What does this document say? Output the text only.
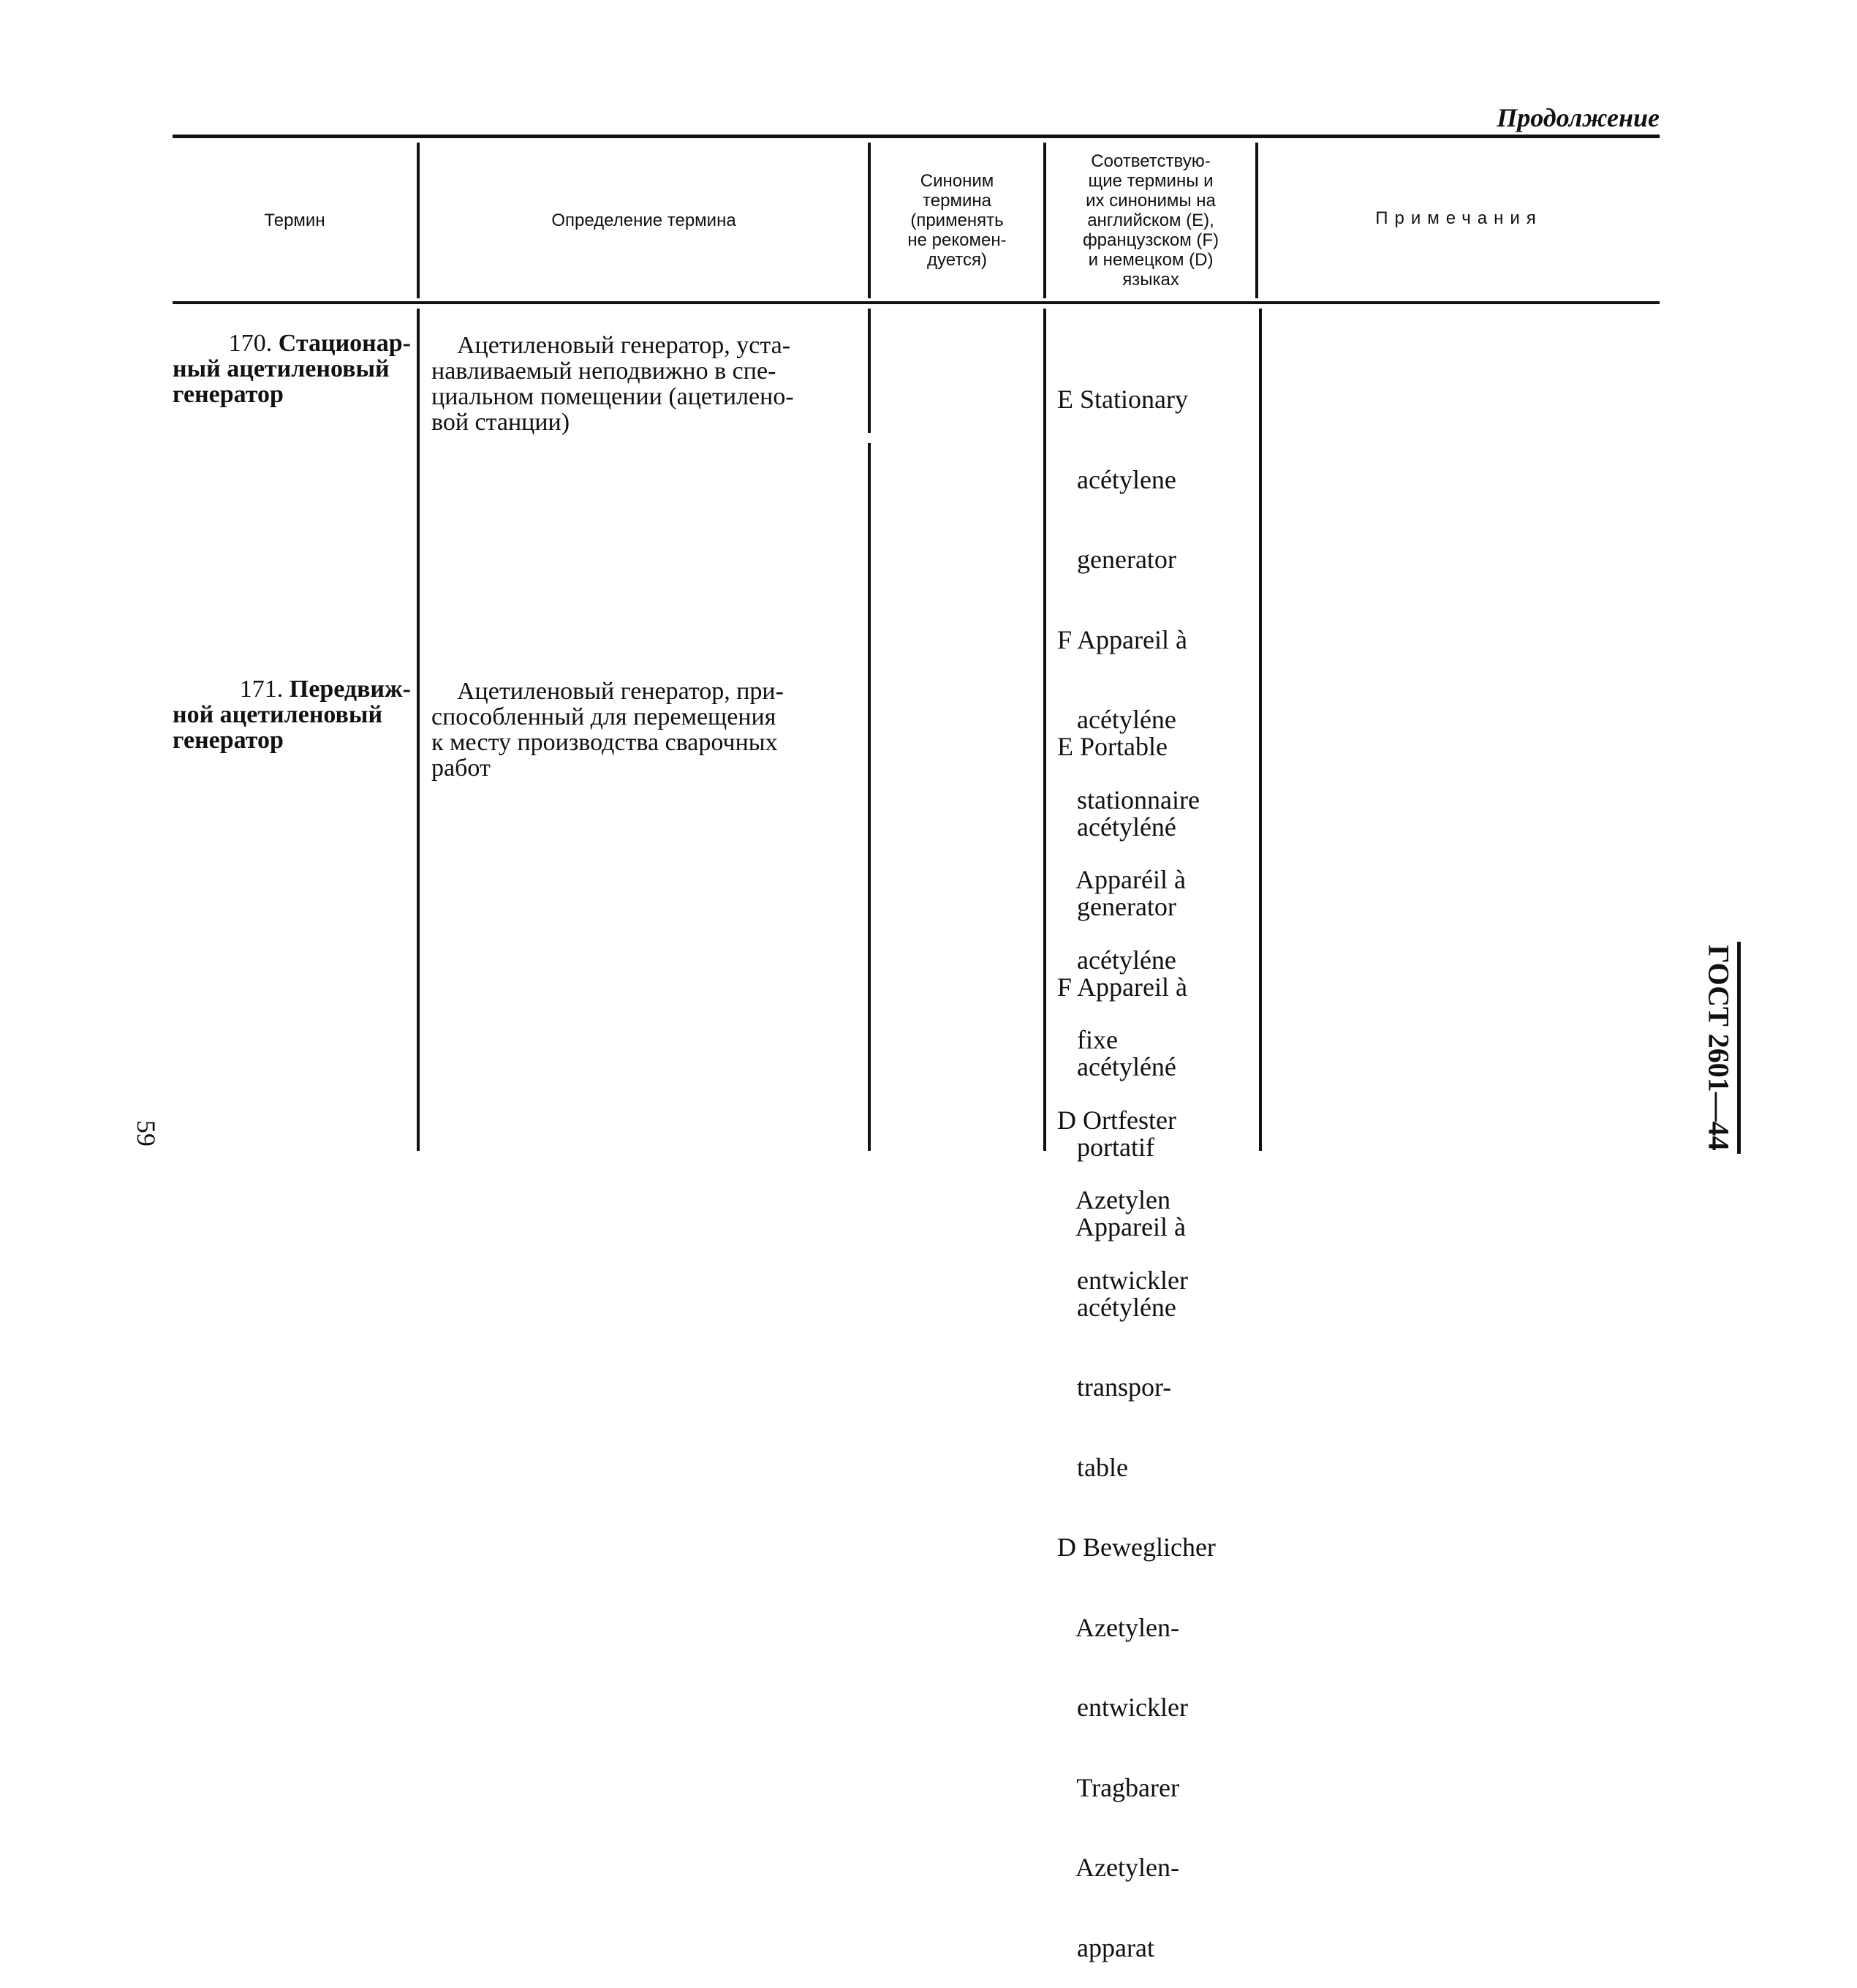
Продолжение
Термин	Определение термина
Синоним
термина
(применять
не рекомен-
дуется)
Соответствую-
щие термины и
их синонимы на
английском (E),
французском (F)
и немецком (D)
языках
Примечания
170. Стационар-
ный ацетиленовый
генератор
Ацетиленовый генератор, уста-
навливаемый неподвижно в спе-
циальном помещении (ацетилено-
вой станции)

E Stationary

acétylene

generator

F Appareil à

acétyléne

stationnaire

Apparéil à

acétyléne

fixe

D Ortfester

Azetylen

entwickler

171. Передвиж-
ной ацетиленовый
генератор
Ацетиленовый генератор, при-
способленный для перемещения
к месту производства сварочных
работ

E Portable

acétyléné

generator

F Appareil à

acétyléné

portatif

Appareil à

acétyléne

transpor-

table

D Beweglicher

Azetylen-

entwickler

Tragbarer

Azetylen-

apparat

ГОСТ 2601—44
59
